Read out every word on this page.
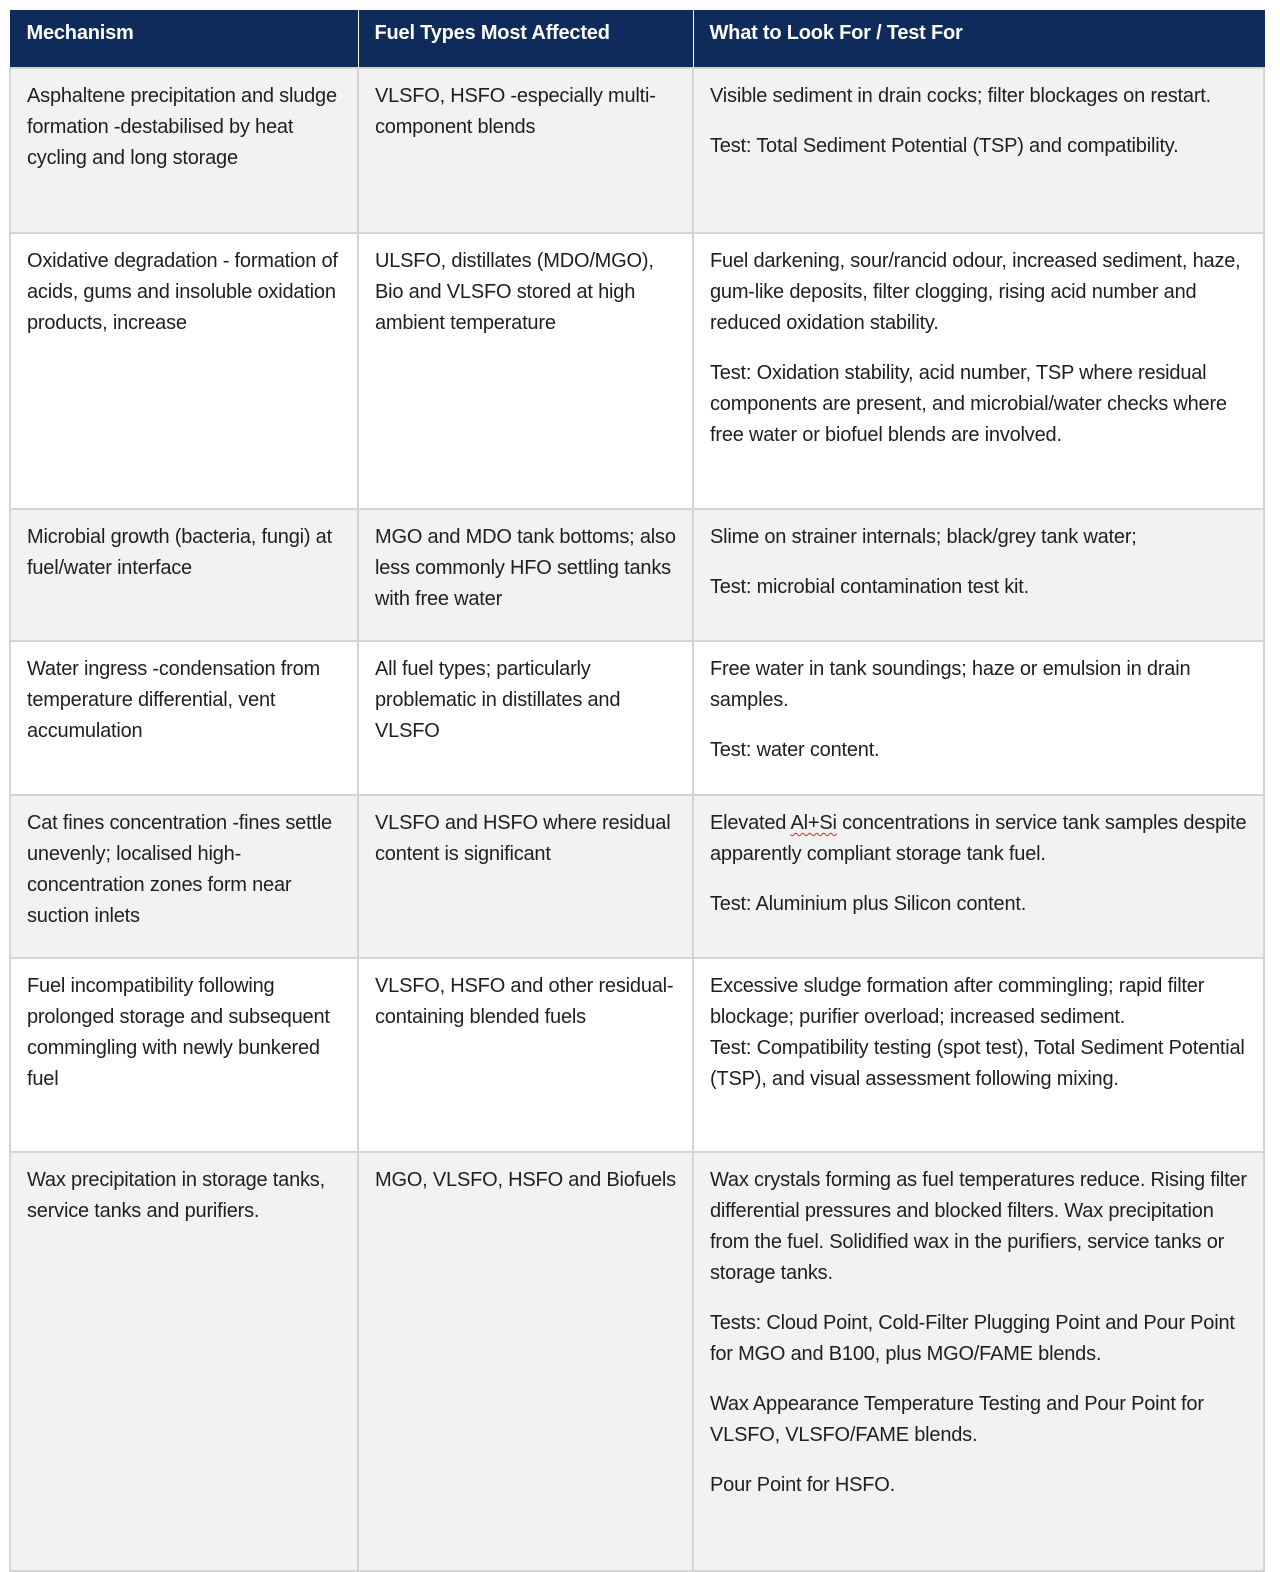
Mechanism	Fuel Types Most Affected	What to Look For / Test For
Asphaltene precipitation and sludge formation -destabilised by heat cycling and long storage	VLSFO, HSFO -especially multi-component blends	Visible sediment in drain cocks; filter blockages on restart.

Test: Total Sediment Potential (TSP) and compatibility.

Oxidative degradation - formation of acids, gums and insoluble oxidation products, increase	ULSFO, distillates (MDO/MGO), Bio and VLSFO stored at high ambient temperature	Fuel darkening, sour/rancid odour, increased sediment, haze, gum-like deposits, filter clogging, rising acid number and reduced oxidation stability.

Test: Oxidation stability, acid number, TSP where residual components are present, and microbial/water checks where free water or biofuel blends are involved.

Microbial growth (bacteria, fungi) at fuel/water interface	MGO and MDO tank bottoms; also less commonly HFO settling tanks with free water	Slime on strainer internals; black/grey tank water;

Test: microbial contamination test kit.

Water ingress -condensation from temperature differential, vent accumulation	All fuel types; particularly problematic in distillates and VLSFO	Free water in tank soundings; haze or emulsion in drain samples.

Test: water content.

Cat fines concentration -fines settle unevenly; localised high-concentration zones form near suction inlets	VLSFO and HSFO where residual content is significant	Elevated Al+Si concentrations in service tank samples despite apparently compliant storage tank fuel.

Test: Aluminium plus Silicon content.

Fuel incompatibility following prolonged storage and subsequent commingling with newly bunkered fuel	VLSFO, HSFO and other residual-containing blended fuels	Excessive sludge formation after commingling; rapid filter blockage; purifier overload; increased sediment.

Test: Compatibility testing (spot test), Total Sediment Potential (TSP), and visual assessment following mixing.

Wax precipitation in storage tanks, service tanks and purifiers.	MGO, VLSFO, HSFO and Biofuels	Wax crystals forming as fuel temperatures reduce. Rising filter differential pressures and blocked filters. Wax precipitation from the fuel. Solidified wax in the purifiers, service tanks or storage tanks.

Tests: Cloud Point, Cold-Filter Plugging Point and Pour Point for MGO and B100, plus MGO/FAME blends.

Wax Appearance Temperature Testing and Pour Point for VLSFO, VLSFO/FAME blends.

Pour Point for HSFO.
